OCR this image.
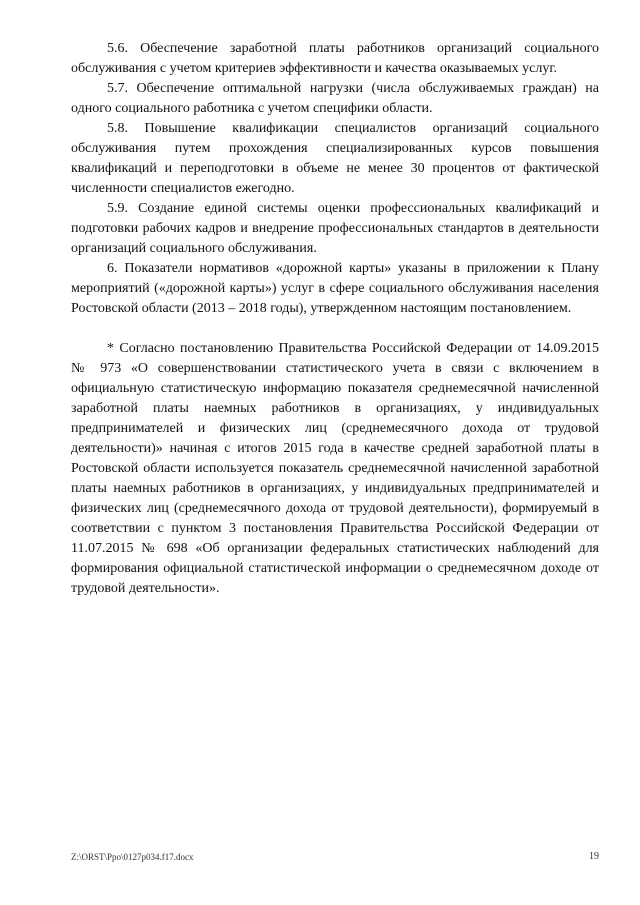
5.6. Обеспечение заработной платы работников организаций социального обслуживания с учетом критериев эффективности и качества оказываемых услуг.

5.7. Обеспечение оптимальной нагрузки (числа обслуживаемых граждан) на одного социального работника с учетом специфики области.

5.8. Повышение квалификации специалистов организаций социального обслуживания путем прохождения специализированных курсов повышения квалификаций и переподготовки в объеме не менее 30 процентов от фактической численности специалистов ежегодно.

5.9. Создание единой системы оценки профессиональных квалификаций и подготовки рабочих кадров и внедрение профессиональных стандартов в деятельности организаций социального обслуживания.

6. Показатели нормативов «дорожной карты» указаны в приложении к Плану мероприятий («дорожной карты») услуг в сфере социального обслуживания населения Ростовской области (2013 – 2018 годы), утвержденном настоящим постановлением.

* Согласно постановлению Правительства Российской Федерации от 14.09.2015 № 973 «О совершенствовании статистического учета в связи с включением в официальную статистическую информацию показателя среднемесячной начисленной заработной платы наемных работников в организациях, у индивидуальных предпринимателей и физических лиц (среднемесячного дохода от трудовой деятельности)» начиная с итогов 2015 года в качестве средней заработной платы в Ростовской области используется показатель среднемесячной начисленной заработной платы наемных работников в организациях, у индивидуальных предпринимателей и физических лиц (среднемесячного дохода от трудовой деятельности), формируемый в соответствии с пунктом 3 постановления Правительства Российской Федерации от 11.07.2015 № 698 «Об организации федеральных статистических наблюдений для формирования официальной статистической информации о среднемесячном доходе от трудовой деятельности».

Z:\ORST\Ppo\0127p034.f17.docx	19
